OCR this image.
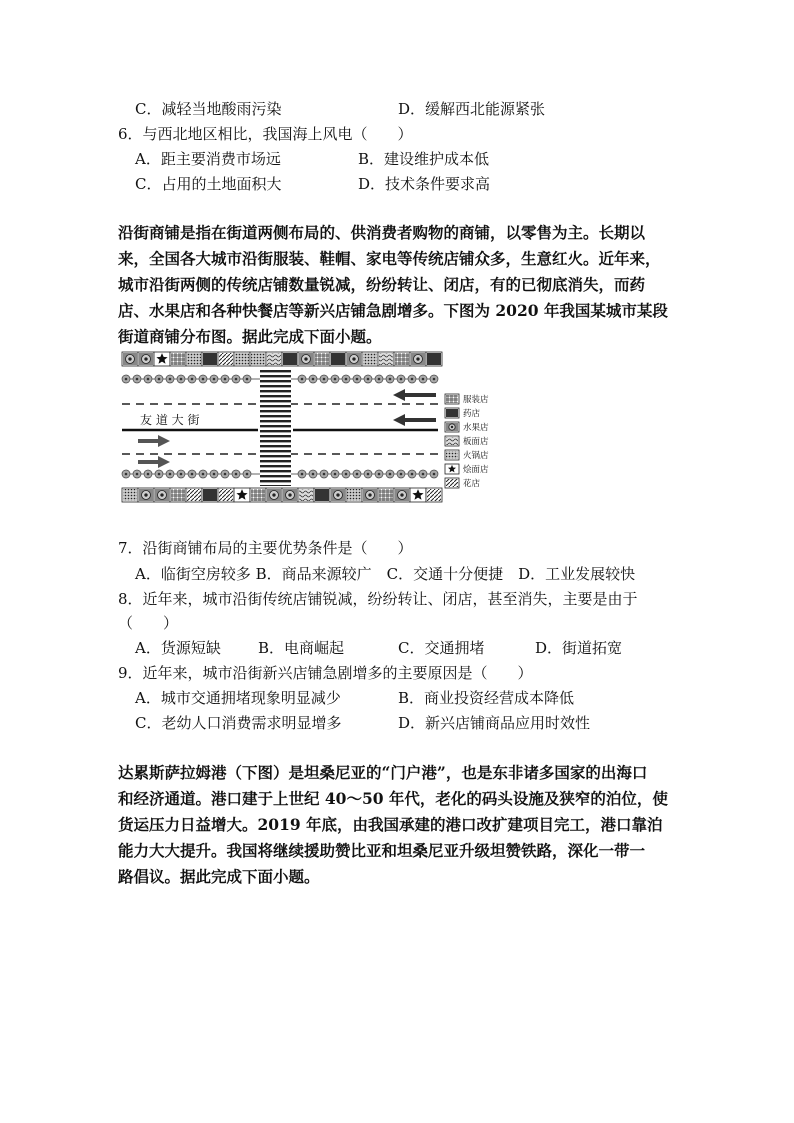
C．减轻当地酸雨污染	D．缓解西北能源紧张
6．与西北地区相比，我国海上风电（　　）
A．距主要消费市场远	B．建设维护成本低
C．占用的土地面积大	D．技术条件要求高

沿街商铺是指在街道两侧布局的、供消费者购物的商铺，以零售为主。长期以

来，全国各大城市沿街服装、鞋帽、家电等传统店铺众多，生意红火。近年来，

城市沿街两侧的传统店铺数量锐减，纷纷转让、闭店，有的已彻底消失，而药

店、水果店和各种快餐店等新兴店铺急剧增多。下图为 2020 年我国某城市某段

街道商铺分布图。据此完成下面小题。

友 道 大 街
服装店
药店
水果店
板面店
火锅店
烩面店
花店
7．沿街商铺布局的主要优势条件是（　　）
A．临街空房较多 B．商品来源较广　C．交通十分便捷　D．工业发展较快
8．近年来，城市沿街传统店铺锐减，纷纷转让、闭店，甚至消失，主要是由于
（　　）
A．货源短缺 B．电商崛起	C．交通拥堵	D．街道拓宽
9．近年来，城市沿街新兴店铺急剧增多的主要原因是（　　）
A．城市交通拥堵现象明显减少	B．商业投资经营成本降低
C．老幼人口消费需求明显增多	D．新兴店铺商品应用时效性

达累斯萨拉姆港（下图）是坦桑尼亚的“门户港”，也是东非诸多国家的出海口

和经济通道。港口建于上世纪 40～50 年代，老化的码头设施及狭窄的泊位，使

货运压力日益增大。2019 年底，由我国承建的港口改扩建项目完工，港口靠泊

能力大大提升。我国将继续援助赞比亚和坦桑尼亚升级坦赞铁路，深化一带一

路倡议。据此完成下面小题。
